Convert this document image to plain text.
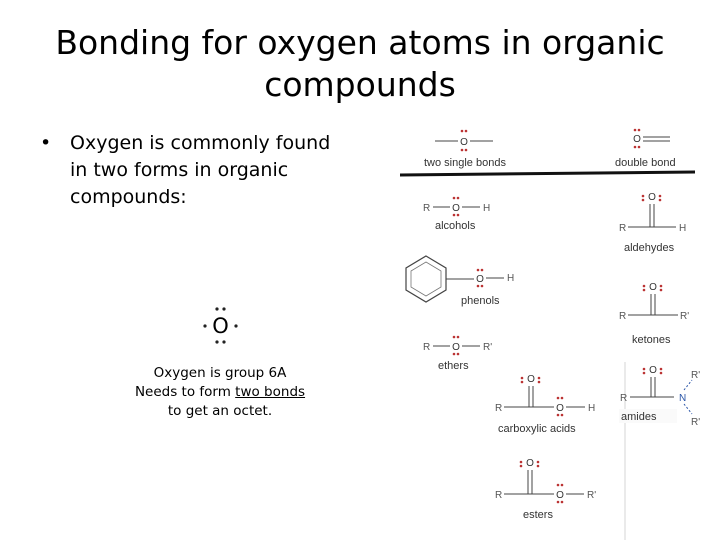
Bonding for oxygen atoms in organic
compounds
• Oxygen is commonly found
in two forms in organic
compounds:
O
Oxygen is group 6A
Needs to form two bonds
to get an octet.
O
two single bonds
O
double bond
R O H
alcohols
O H
phenols
R O R'
ethers
O
R	H
aldehydes
O
R	R'
ketones
O
R	N
R'
R'
amides
O
R	O H
carboxylic acids
O
R	O R'
esters
